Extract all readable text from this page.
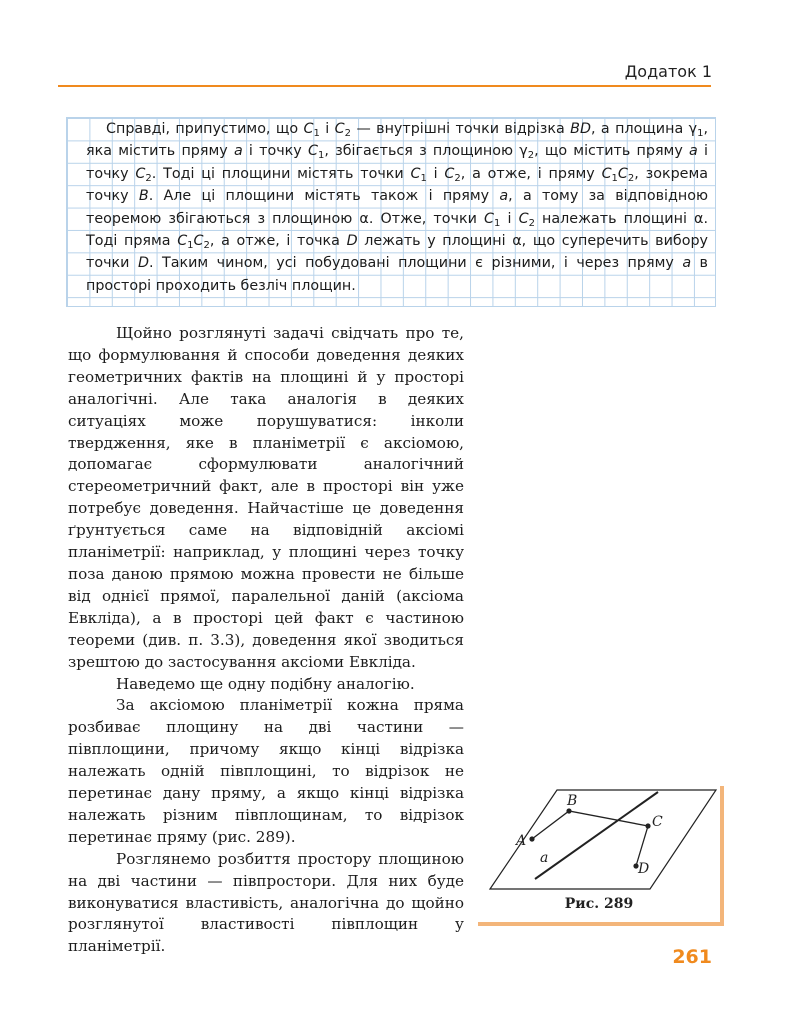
Додаток 1
Справді, припустимо, що $C_1$ і $C_2$ — внутрішні точки відрізка BD, а площина $\gamma_1$, яка містить пряму a і точку $C_1$, збігається з площиною $\gamma_2$, що містить пряму a і точку $C_2$. Тоді ці площини містять точки $C_1$ і $C_2$, а отже, і пряму $C_1C_2$, зокрема точку B. Але ці площини містять також і пряму a, а тому за відповідною теоремою збігаються з площиною α. Отже, точки $C_1$ і $C_2$ належать площині α. Тоді пряма $C_1C_2$, а отже, і точка D лежать у площині α, що суперечить вибору точки D. Таким чином, усі побудовані площини є різними, і через пряму a в просторі проходить безліч площин.

Щойно розглянуті задачі свідчать про те, що формулювання й способи доведення деяких геометричних фактів на площині й у просторі аналогічні. Але така аналогія в деяких ситуаціях може порушуватися: інколи твердження, яке в планіметрії є аксіомою, допомагає сформулювати аналогічний стереометричний факт, але в просторі він уже потребує доведення. Найчастіше це доведення ґрунтується саме на відповідній аксіомі планіметрії: наприклад, у площині через точку поза даною прямою можна провести не більше від однієї прямої, паралельної даній (аксіома Евкліда), а в просторі цей факт є частиною теореми (див. п. 3.3), доведення якої зводиться зрештою до застосування аксіоми Евкліда.

Наведемо ще одну подібну аналогію.

За аксіомою планіметрії кожна пряма розбиває площину на дві частини — півплощини, причому якщо кінці відрізка належать одній півплощині, то відрізок не перетинає дану пряму, а якщо кінці відрізка належать різним півплощинам, то відрізок перетинає пряму (рис. 289).

Розглянемо розбиття простору площиною на дві частини — півпростори. Для них буде виконуватися властивість, аналогічна до щойно розглянутої властивості півплощин у планіметрії.

A
B
C
D
a
Рис. 289
261
